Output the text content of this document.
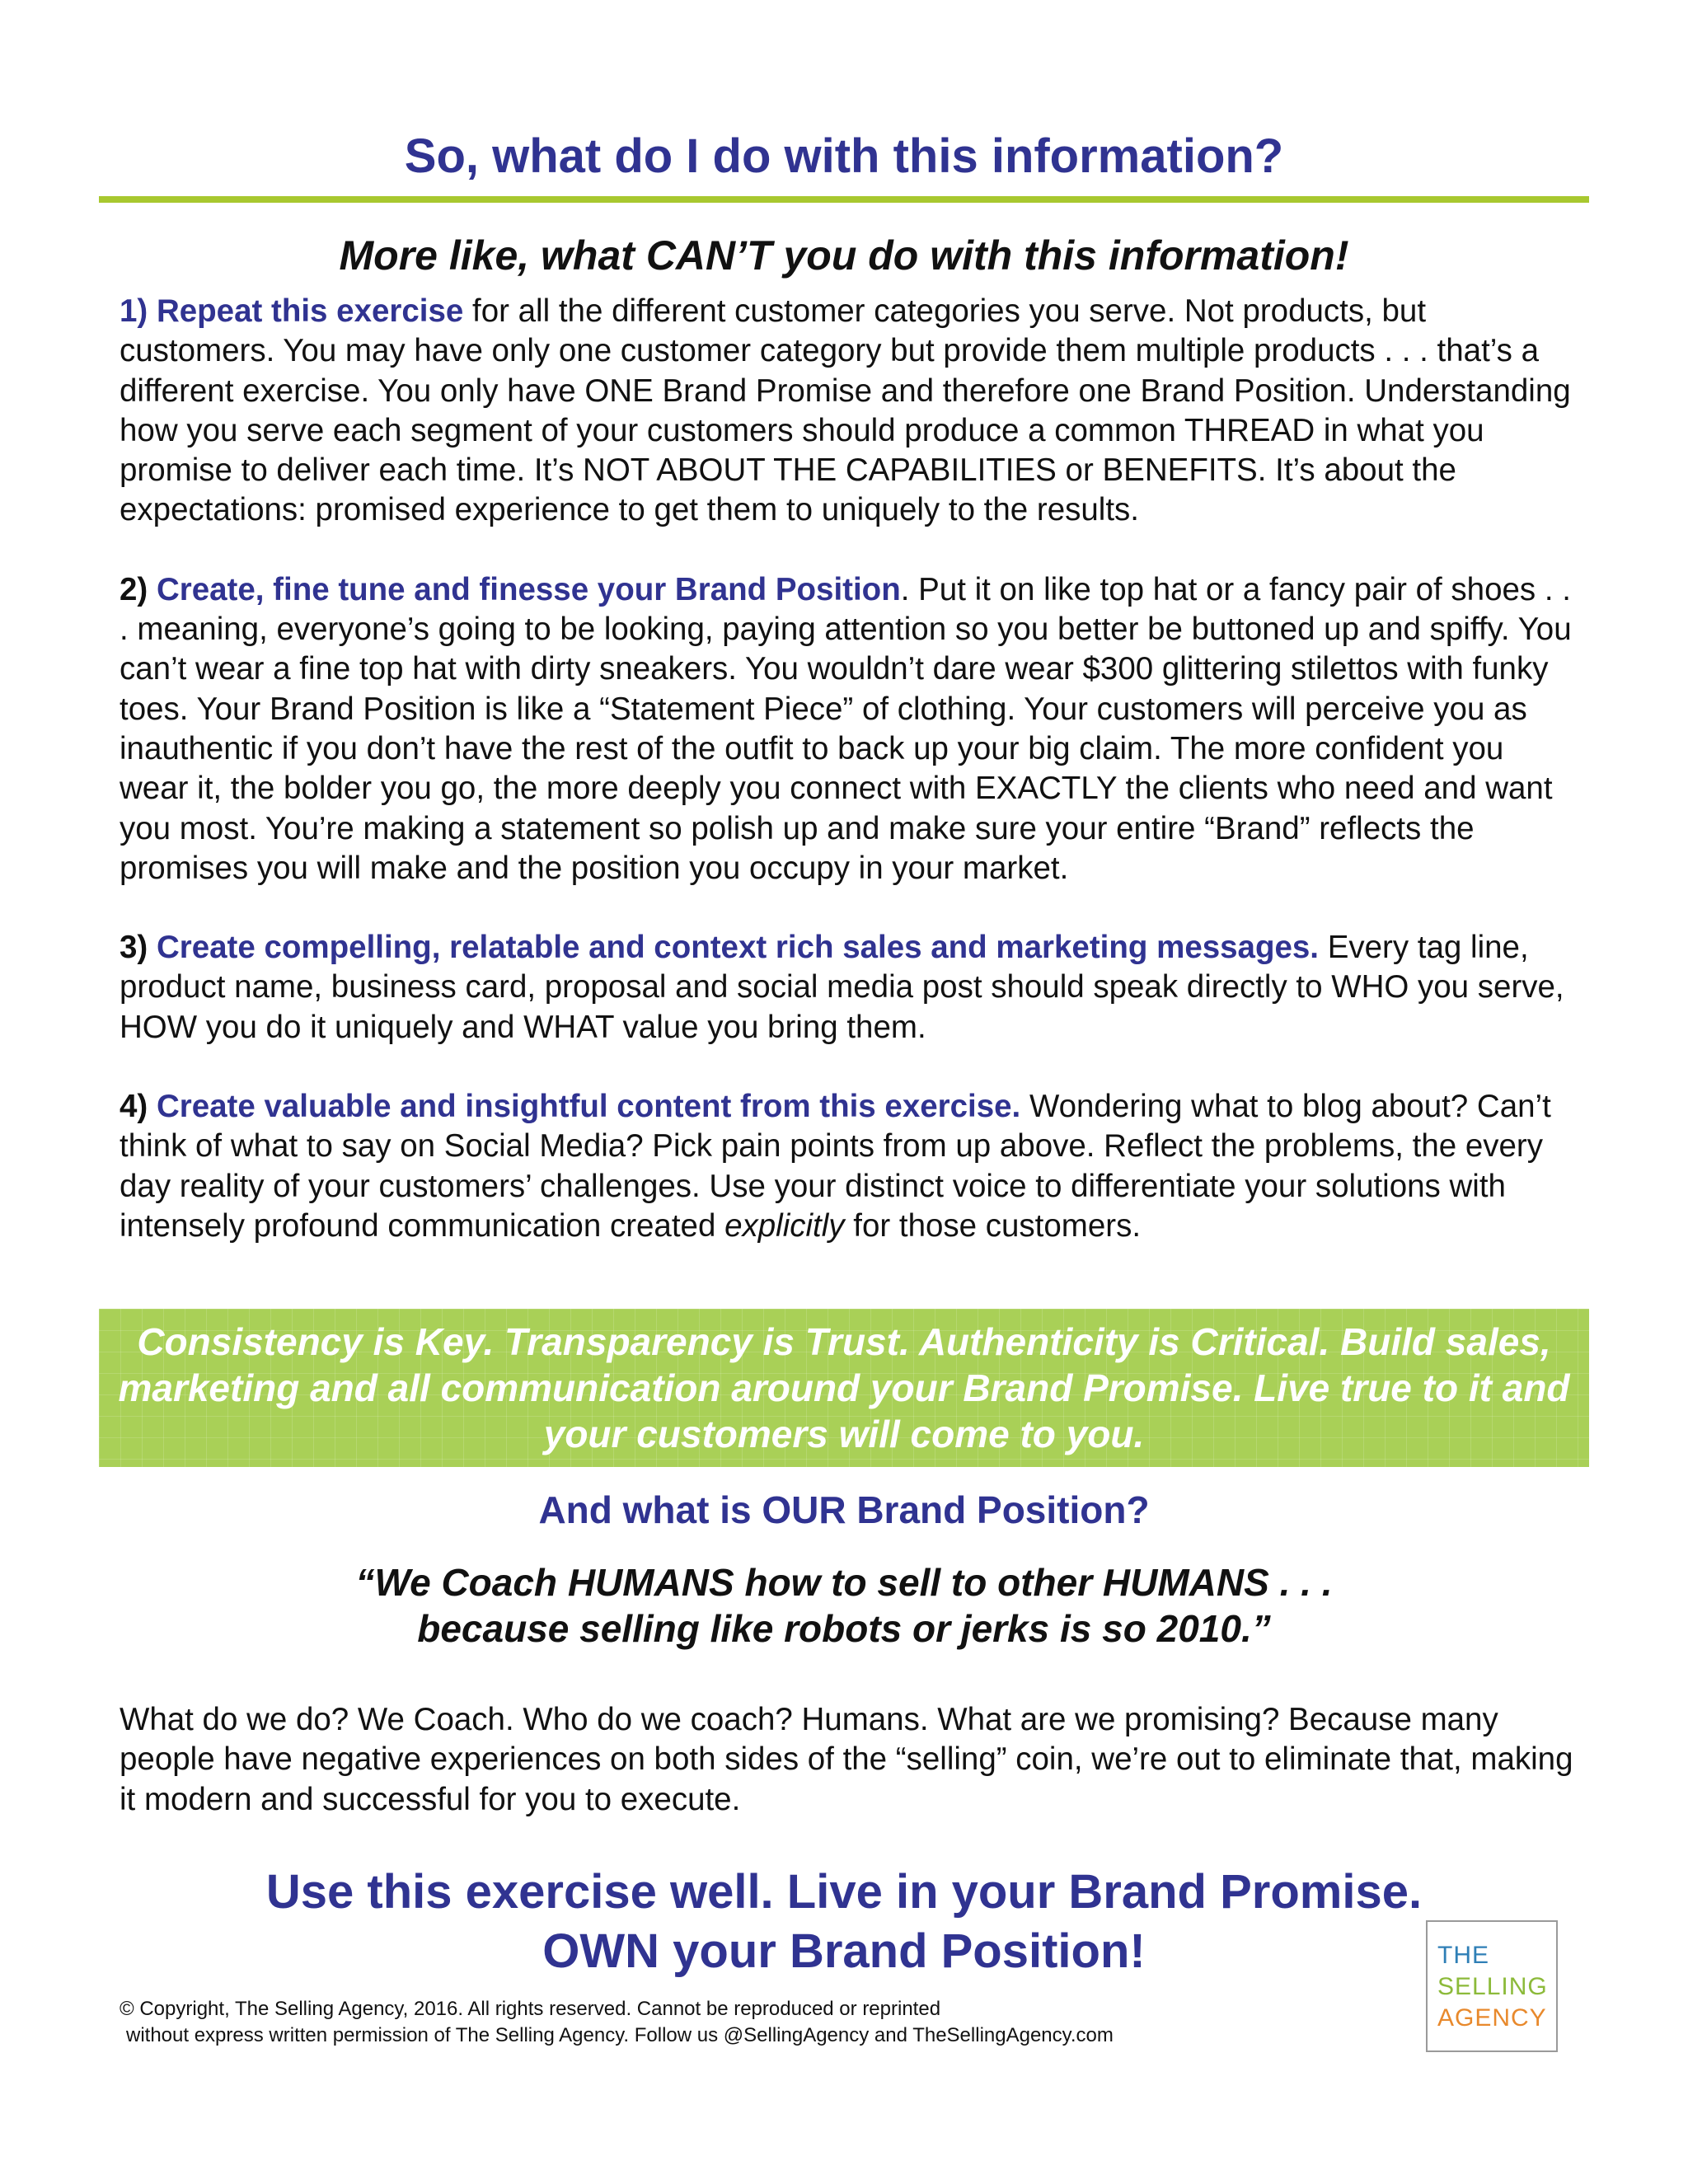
So, what do I do with this information?
More like, what CAN’T you do with this information!

1) Repeat this exercise for all the different customer categories you serve. Not products, but customers. You may have only one customer category but provide them multiple products . . . that’s a different exercise. You only have ONE Brand Promise and therefore one Brand Position. Understanding how you serve each segment of your customers should produce a common THREAD in what you promise to deliver each time. It’s NOT ABOUT THE CAPABILITIES or BENEFITS. It’s about the expectations: promised experience to get them to uniquely to the results.

2) Create, fine tune and finesse your Brand Position. Put it on like top hat or a fancy pair of shoes . . . meaning, everyone’s going to be looking, paying attention so you better be buttoned up and spiffy. You can’t wear a fine top hat with dirty sneakers. You wouldn’t dare wear $300 glittering stilettos with funky toes. Your Brand Position is like a “Statement Piece” of clothing. Your customers will perceive you as inauthentic if you don’t have the rest of the outfit to back up your big claim. The more confident you wear it, the bolder you go, the more deeply you connect with EXACTLY the clients who need and want you most. You’re making a statement so polish up and make sure your entire “Brand” reflects the promises you will make and the position you occupy in your market.

3) Create compelling, relatable and context rich sales and marketing messages. Every tag line, product name, business card, proposal and social media post should speak directly to WHO you serve, HOW you do it uniquely and WHAT value you bring them.

4) Create valuable and insightful content from this exercise. Wondering what to blog about? Can’t think of what to say on Social Media? Pick pain points from up above. Reflect the problems, the every day reality of your customers’ challenges. Use your distinct voice to differentiate your solutions with intensely profound communication created explicitly for those customers.

Consistency is Key. Transparency is Trust. Authenticity is Critical. Build sales, marketing and all communication around your Brand Promise. Live true to it and your customers will come to you.
And what is OUR Brand Position?
“We Coach HUMANS how to sell to other HUMANS . . .
because selling like robots or jerks is so 2010.”

What do we do? We Coach. Who do we coach? Humans. What are we promising? Because many people have negative experiences on both sides of the “selling” coin, we’re out to eliminate that, making it modern and successful for you to execute.

Use this exercise well. Live in your Brand Promise.
OWN your Brand Position!
© Copyright, The Selling Agency, 2016. All rights reserved. Cannot be reproduced or reprinted
without express written permission of The Selling Agency. Follow us @SellingAgency and TheSellingAgency.com
THE
SELLING
AGENCY
